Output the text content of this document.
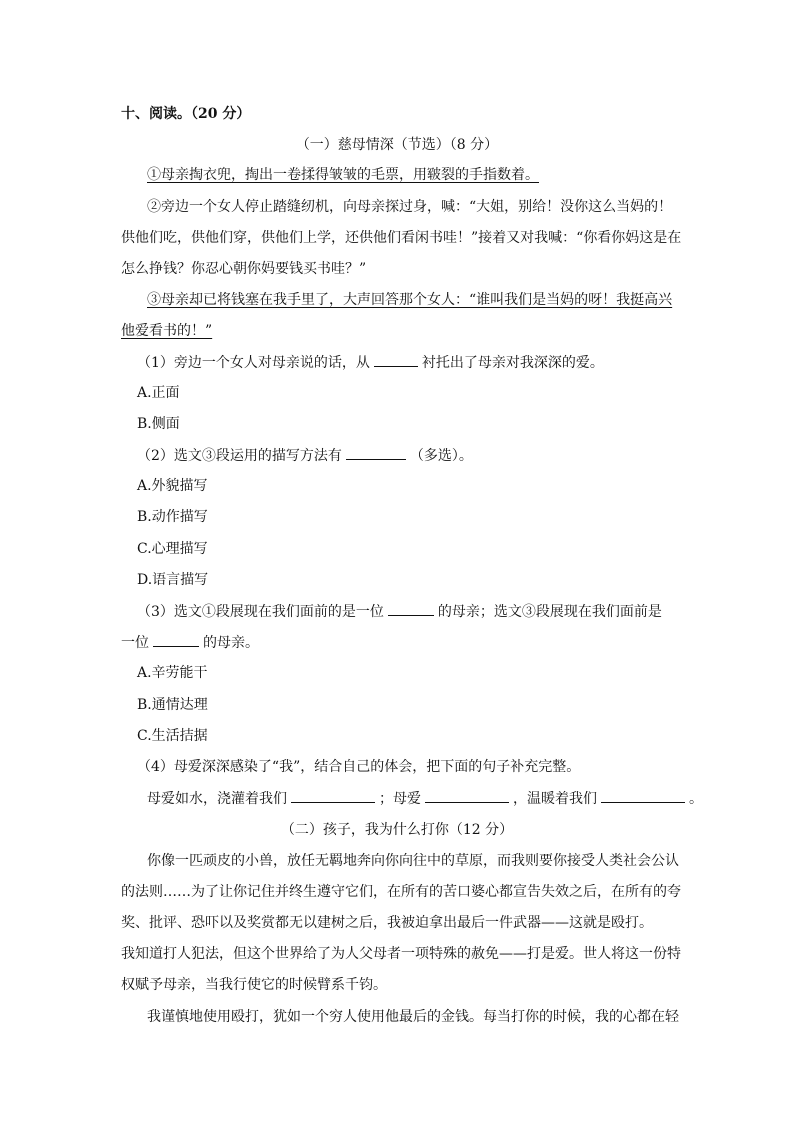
十、阅读。（20 分）
（一）慈母情深（节选）（8 分）
①母亲掏衣兜，掏出一卷揉得皱皱的毛票，用皲裂的手指数着。
②旁边一个女人停止踏缝纫机，向母亲探过身，喊：“大姐，别给！没你这么当妈的！
供他们吃，供他们穿，供他们上学，还供他们看闲书哇！”接着又对我喊：“你看你妈这是在
怎么挣钱？你忍心朝你妈要钱买书哇？”
③母亲却已将钱塞在我手里了，大声回答那个女人：“谁叫我们是当妈的呀！我挺高兴
他爱看书的！”
（1）旁边一个女人对母亲说的话，从	衬托出了母亲对我深深的爱。
A.正面
B.侧面
（2）选文③段运用的描写方法有	（多选）。
A.外貌描写
B.动作描写
C.心理描写
D.语言描写
（3）选文①段展现在我们面前的是一位	的母亲；选文③段展现在我们面前是
一位	的母亲。
A.辛劳能干
B.通情达理
C.生活拮据
（4）母爱深深感染了“我”，结合自己的体会，把下面的句子补充完整。
母爱如水，浇灌着我们	；母爱	，温暖着我们	。
（二）孩子，我为什么打你（12 分）
你像一匹顽皮的小兽，放任无羁地奔向你向往中的草原，而我则要你接受人类社会公认
的法则……为了让你记住并终生遵守它们，在所有的苦口婆心都宣告失效之后，在所有的夸
奖、批评、恐吓以及奖赏都无以建树之后，我被迫拿出最后一件武器——这就是殴打。
我知道打人犯法，但这个世界给了为人父母者一项特殊的赦免——打是爱。世人将这一份特
权赋予母亲，当我行使它的时候臂系千钧。
我谨慎地使用殴打，犹如一个穷人使用他最后的金钱。每当打你的时候，我的心都在轻
